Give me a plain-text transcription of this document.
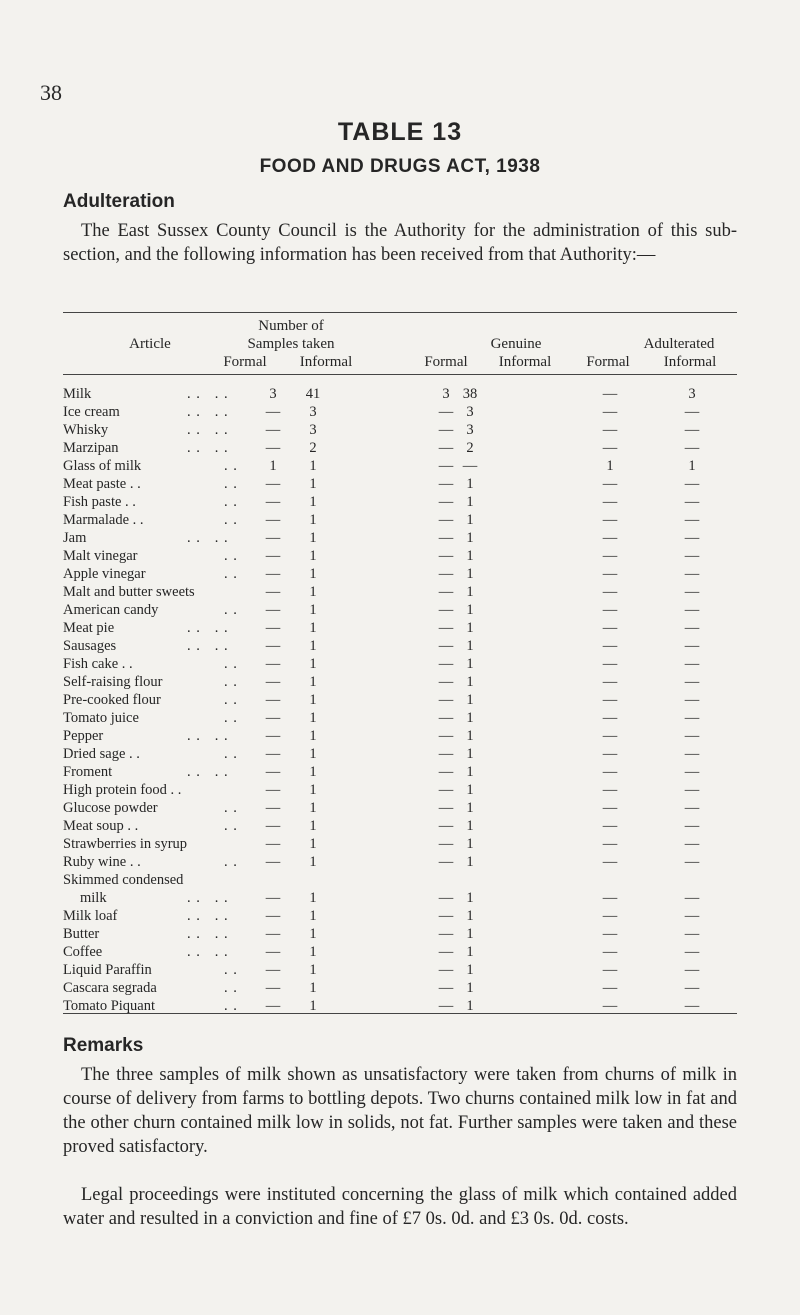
38
TABLE 13
FOOD AND DRUGS ACT, 1938
Adulteration

The East Sussex County Council is the Authority for the administration of this sub-section, and the following information has been received from that Authority:—

Article
Number of
Samples taken	Genuine	Adulterated
Formal Informal	Formal Informal Formal Informal
Milk	. .   . .	3	41	3 38	—	3
Ice cream	. .   . .	—	3	— 3	—	—
Whisky	. .   . .	—	3	— 3	—	—
Marzipan	. .   . .	—	2	— 2	—	—
Glass of milk	. .	1	1	— —	1	1
Meat paste . .	. .	—	1	— 1	—	—
Fish paste . .	. .	—	1	— 1	—	—
Marmalade . .	. .	—	1	— 1	—	—
Jam	. .   . .	—	1	— 1	—	—
Malt vinegar	. .	—	1	— 1	—	—
Apple vinegar	. .	—	1	— 1	—	—
Malt and butter sweets	—	1	— 1	—	—
American candy	. .	—	1	— 1	—	—
Meat pie	. .   . .	—	1	— 1	—	—
Sausages	. .   . .	—	1	— 1	—	—
Fish cake . .	. .	—	1	— 1	—	—
Self-raising flour	. .	—	1	— 1	—	—
Pre-cooked flour	. .	—	1	— 1	—	—
Tomato juice	. .	—	1	— 1	—	—
Pepper	. .   . .	—	1	— 1	—	—
Dried sage . .	. .	—	1	— 1	—	—
Froment	. .   . .	—	1	— 1	—	—
High protein food . .	—	1	— 1	—	—
Glucose powder	. .	—	1	— 1	—	—
Meat soup . .	. .	—	1	— 1	—	—
Strawberries in syrup	—	1	— 1	—	—
Ruby wine . .	. .	—	1	— 1	—	—
Skimmed condensed
milk	. .   . .	—	1	— 1	—	—
Milk loaf	. .   . .	—	1	— 1	—	—
Butter	. .   . .	—	1	— 1	—	—
Coffee	. .   . .	—	1	— 1	—	—
Liquid Paraffin	. .	—	1	— 1	—	—
Cascara segrada	. .	—	1	— 1	—	—
Tomato Piquant	. .	—	1	— 1	—	—
Remarks

The three samples of milk shown as unsatisfactory were taken from churns of milk in course of delivery from farms to bottling depots. Two churns contained milk low in fat and the other churn contained milk low in solids, not fat. Further samples were taken and these proved satisfactory.

Legal proceedings were instituted concerning the glass of milk which contained added water and resulted in a conviction and fine of £7 0s. 0d. and £3 0s. 0d. costs.
